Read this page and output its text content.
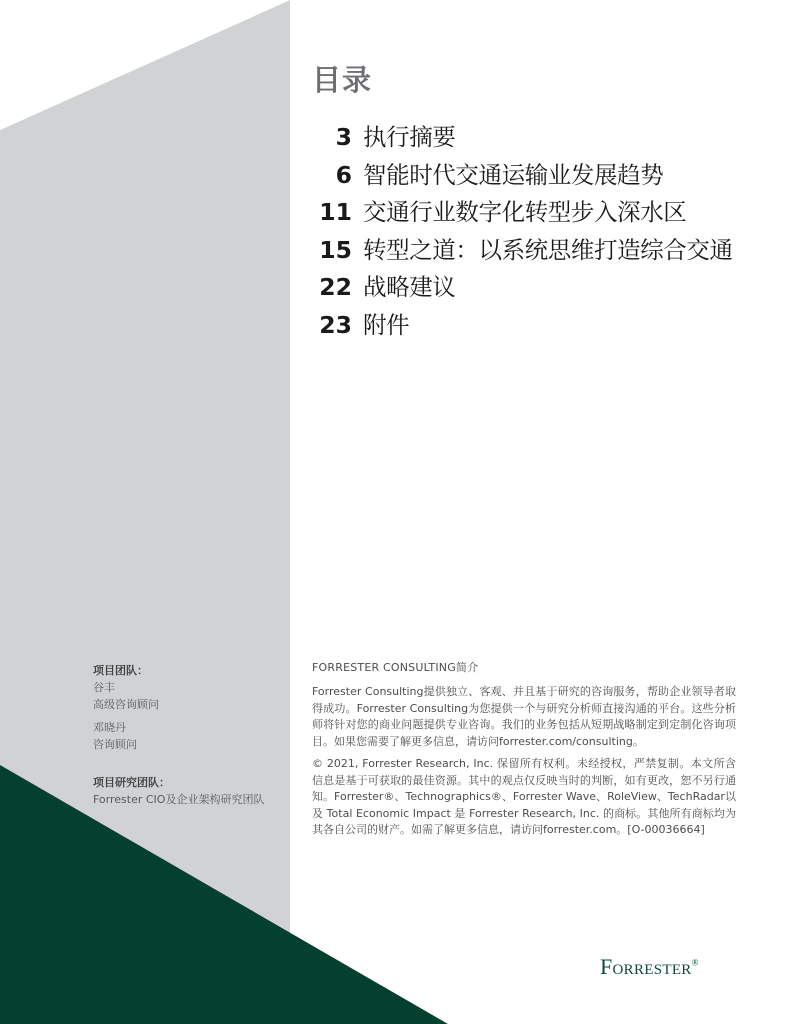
目录
3 执行摘要
6 智能时代交通运输业发展趋势
11 交通行业数字化转型步入深水区
15 转型之道：以系统思维打造综合交通
22 战略建议
23 附件
项目团队：
谷丰
高级咨询顾问
邓晓丹
咨询顾问
项目研究团队：
Forrester CIO及企业架构研究团队
FORRESTER CONSULTING简介

Forrester Consulting提供独立、客观、并且基于研究的咨询服务，帮助企业领导者取得成功。Forrester Consulting为您提供一个与研究分析师直接沟通的平台。这些分析师将针对您的商业问题提供专业咨询。我们的业务包括从短期战略制定到定制化咨询项目。如果您需要了解更多信息，请访问forrester.com/consulting。

© 2021, Forrester Research, Inc. 保留所有权利。未经授权，严禁复制。本文所含信息是基于可获取的最佳资源。其中的观点仅反映当时的判断，如有更改，恕不另行通知。Forrester®、Technographics®、Forrester Wave、RoleView、TechRadar以及 Total Economic Impact 是 Forrester Research, Inc. 的商标。其他所有商标均为其各自公司的财产。如需了解更多信息，请访问forrester.com。[O-00036664]

Forrester®
